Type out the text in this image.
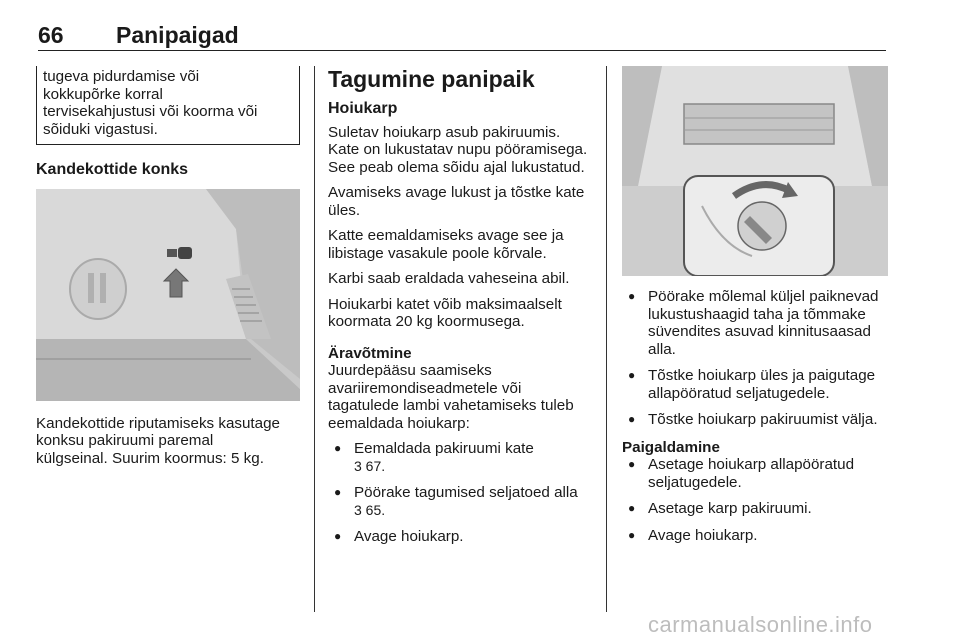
66 Panipaigad
tugeva pidurdamise või
kokkupõrke korral
tervisekahjustusi või koorma või
sõiduki vigastusi.
Kandekottide konks
Kandekottide riputamiseks kasutage
konksu pakiruumi paremal
külgseinal. Suurim koormus: 5 kg.
Tagumine panipaik
Hoiukarp

Suletav hoiukarp asub pakiruumis. Kate on lukustatav nupu pööramisega. See peab olema sõidu ajal lukustatud.

Avamiseks avage lukust ja tõstke kate üles.

Katte eemaldamiseks avage see ja libistage vasakule poole kõrvale.

Karbi saab eraldada vaheseina abil.

Hoiukarbi katet võib maksimaalselt koormata 20 kg koormusega.

Äravõtmine

Juurdepääsu saamiseks avariiremondiseadmetele või tagatulede lambi vahetamiseks tuleb eemaldada hoiukarp:

● Eemaldada pakiruumi kate
3 67.
● Pöörake tagumised seljatoed alla
3 65.
● Avage hoiukarp.
● Pöörake mõlemal küljel paiknevad lukustushaagid taha ja tõmmake süvendites asuvad kinnitusaasad alla.
● Tõstke hoiukarp üles ja paigutage allapööratud seljatugedele.
● Tõstke hoiukarp pakiruumist välja.
Paigaldamine
● Asetage hoiukarp allapööratud seljatugedele.
● Asetage karp pakiruumi.
● Avage hoiukarp.
carmanualsonline.info
